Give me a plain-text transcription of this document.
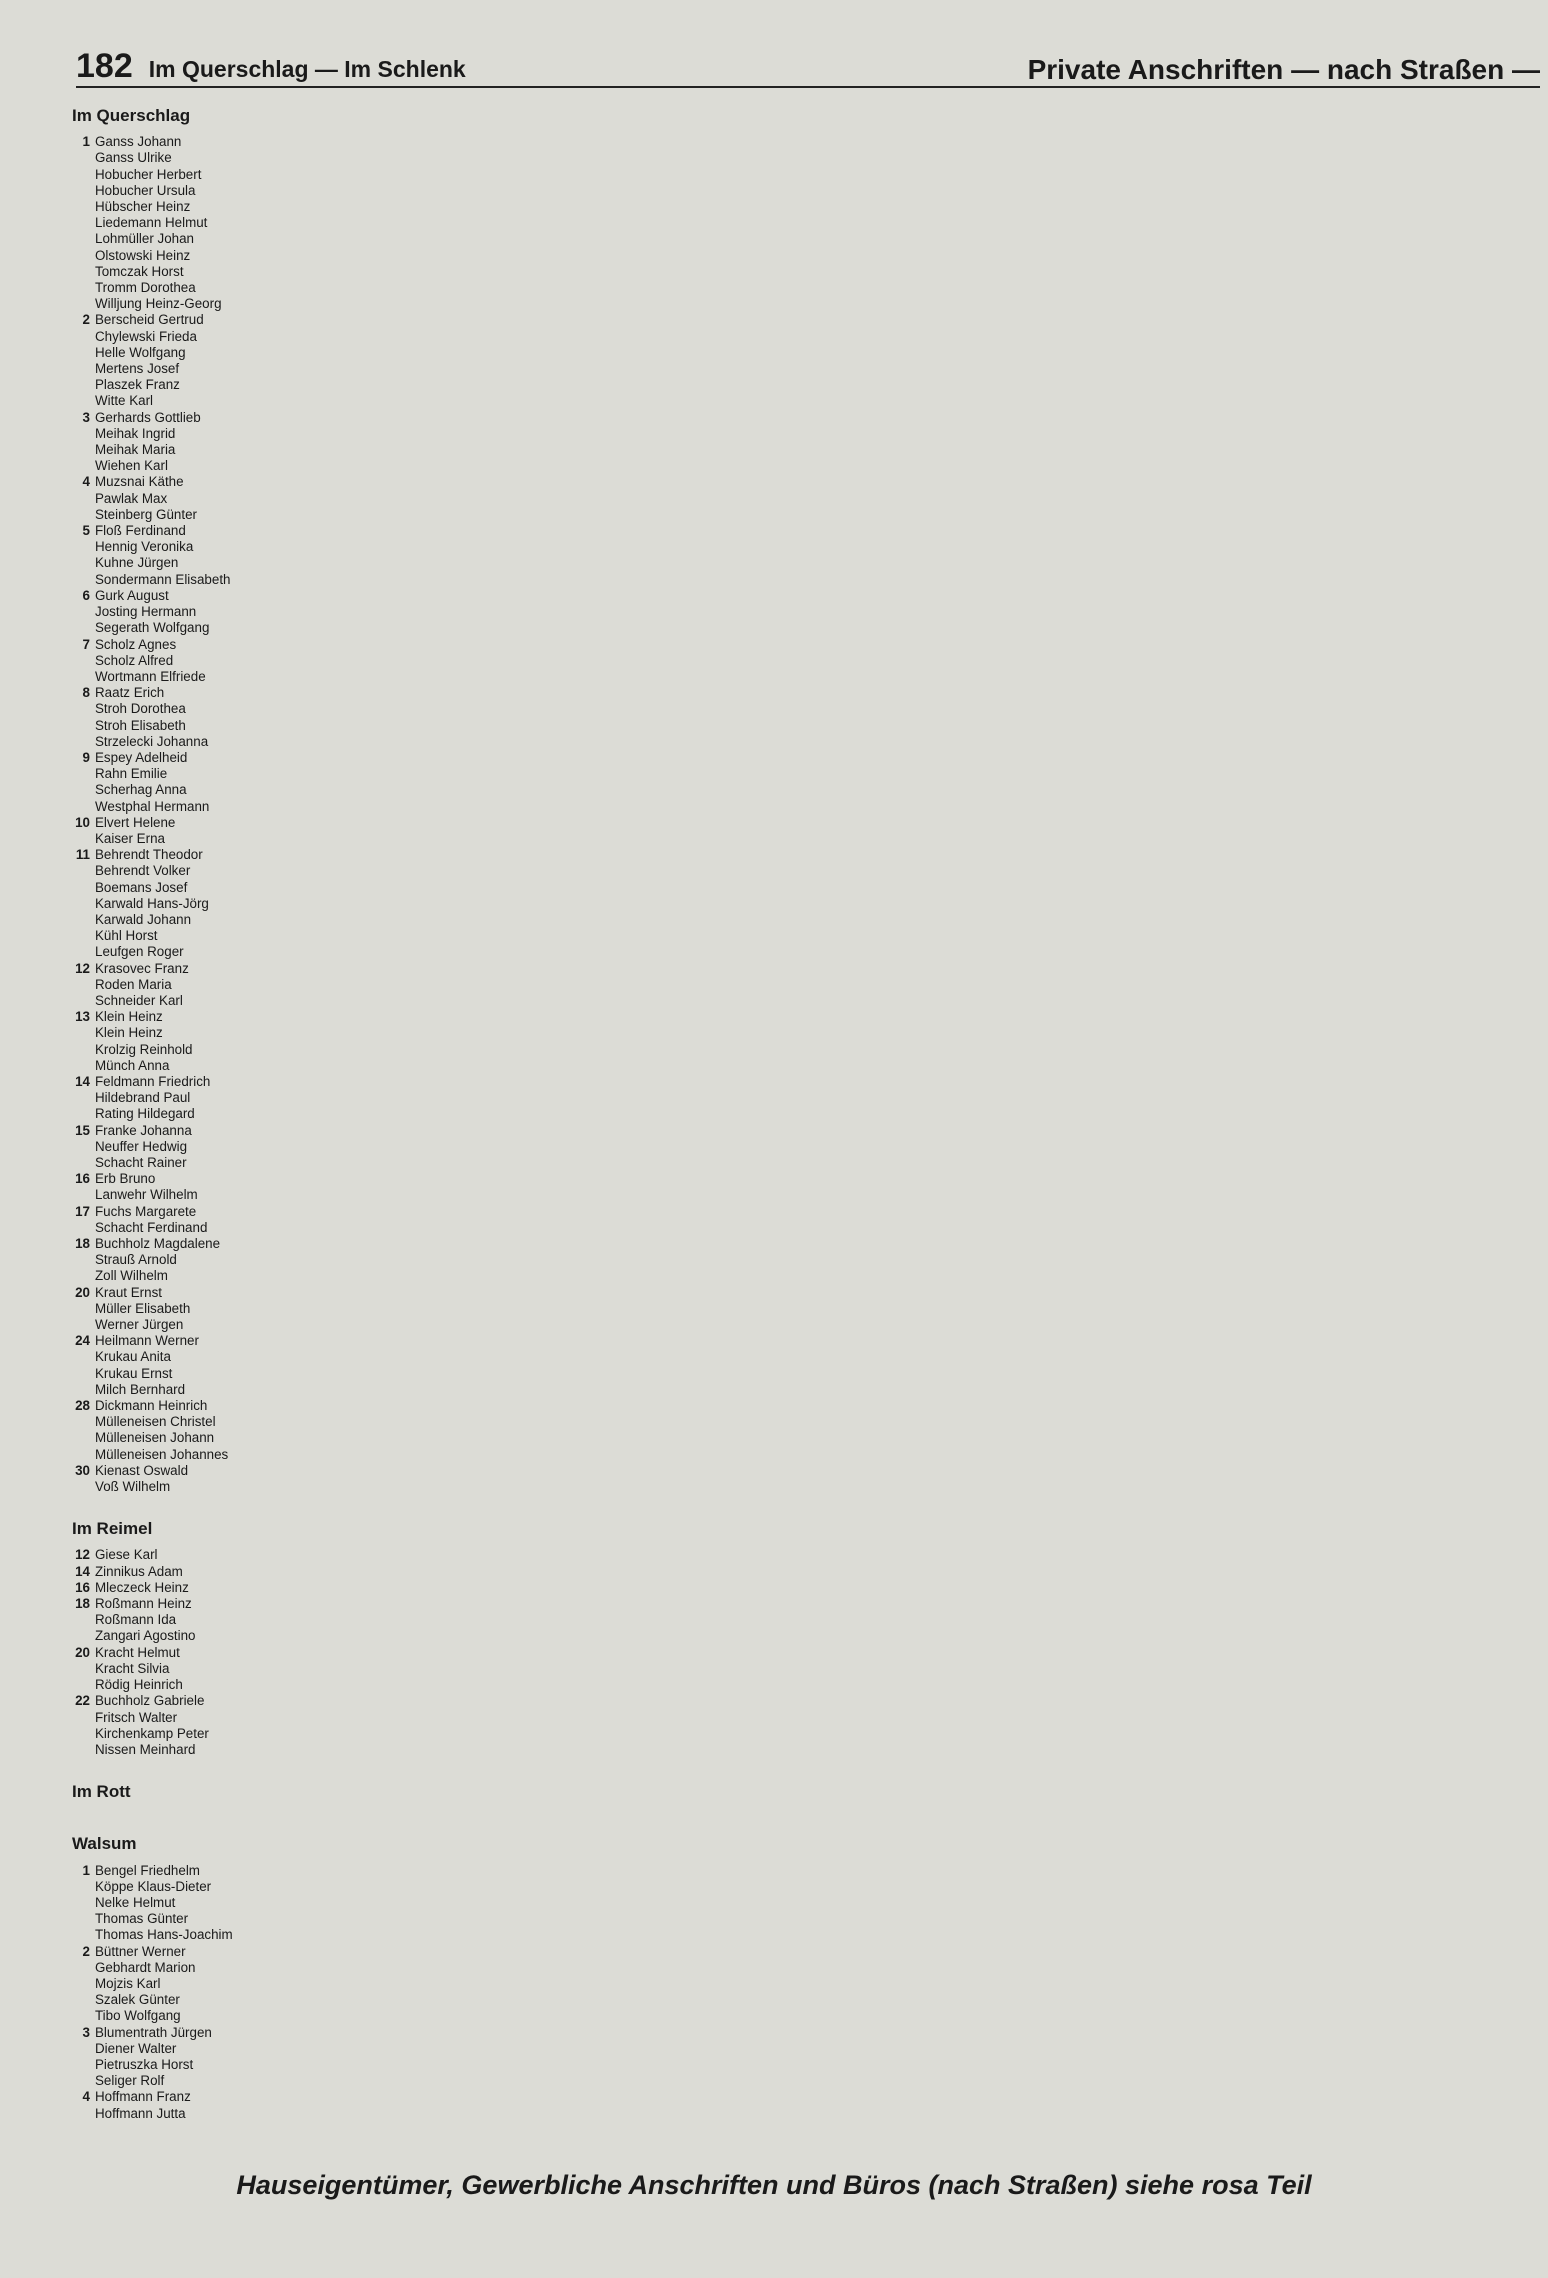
182 Im Querschlag — Im Schlenk	Private Anschriften — nach Straßen —
Im Querschlag
1 Ganss Johann
Ganss Ulrike
Hobucher Herbert
Hobucher Ursula
Hübscher Heinz
Liedemann Helmut
Lohmüller Johan
Olstowski Heinz
Tomczak Horst
Tromm Dorothea
Willjung Heinz-Georg
2 Berscheid Gertrud
Chylewski Frieda
Helle Wolfgang
Mertens Josef
Plaszek Franz
Witte Karl
3 Gerhards Gottlieb
Meihak Ingrid
Meihak Maria
Wiehen Karl
4 Muzsnai Käthe
Pawlak Max
Steinberg Günter
5 Floß Ferdinand
Hennig Veronika
Kuhne Jürgen
Sondermann Elisabeth
6 Gurk August
Josting Hermann
Segerath Wolfgang
7 Scholz Agnes
Scholz Alfred
Wortmann Elfriede
8 Raatz Erich
Stroh Dorothea
Stroh Elisabeth
Strzelecki Johanna
9 Espey Adelheid
Rahn Emilie
Scherhag Anna
Westphal Hermann
10 Elvert Helene
Kaiser Erna
11 Behrendt Theodor
Behrendt Volker
Boemans Josef
Karwald Hans-Jörg
Karwald Johann
Kühl Horst
Leufgen Roger
12 Krasovec Franz
Roden Maria
Schneider Karl
13 Klein Heinz
Klein Heinz
Krolzig Reinhold
Münch Anna
14 Feldmann Friedrich
Hildebrand Paul
Rating Hildegard
15 Franke Johanna
Neuffer Hedwig
Schacht Rainer
16 Erb Bruno
Lanwehr Wilhelm
17 Fuchs Margarete
Schacht Ferdinand
18 Buchholz Magdalene
Strauß Arnold
Zoll Wilhelm
20 Kraut Ernst
Müller Elisabeth
Werner Jürgen
24 Heilmann Werner
Krukau Anita
Krukau Ernst
Milch Bernhard
28 Dickmann Heinrich
Mülleneisen Christel
Mülleneisen Johann
Mülleneisen Johannes
30 Kienast Oswald
Voß Wilhelm
Im Reimel
12 Giese Karl
14 Zinnikus Adam
16 Mleczeck Heinz
18 Roßmann Heinz
Roßmann Ida
Zangari Agostino
20 Kracht Helmut
Kracht Silvia
Rödig Heinrich
22 Buchholz Gabriele
Fritsch Walter
Kirchenkamp Peter
Nissen Meinhard
Im Rott
Walsum
1 Bengel Friedhelm
Köppe Klaus-Dieter
Nelke Helmut
Thomas Günter
Thomas Hans-Joachim
2 Büttner Werner
Gebhardt Marion
Mojzis Karl
Szalek Günter
Tibo Wolfgang
3 Blumentrath Jürgen
Diener Walter
Pietruszka Horst
Seliger Rolf
4 Hoffmann Franz
Hoffmann Jutta
Hauseigentümer, Gewerbliche Anschriften und Büros (nach Straßen) siehe rosa Teil
